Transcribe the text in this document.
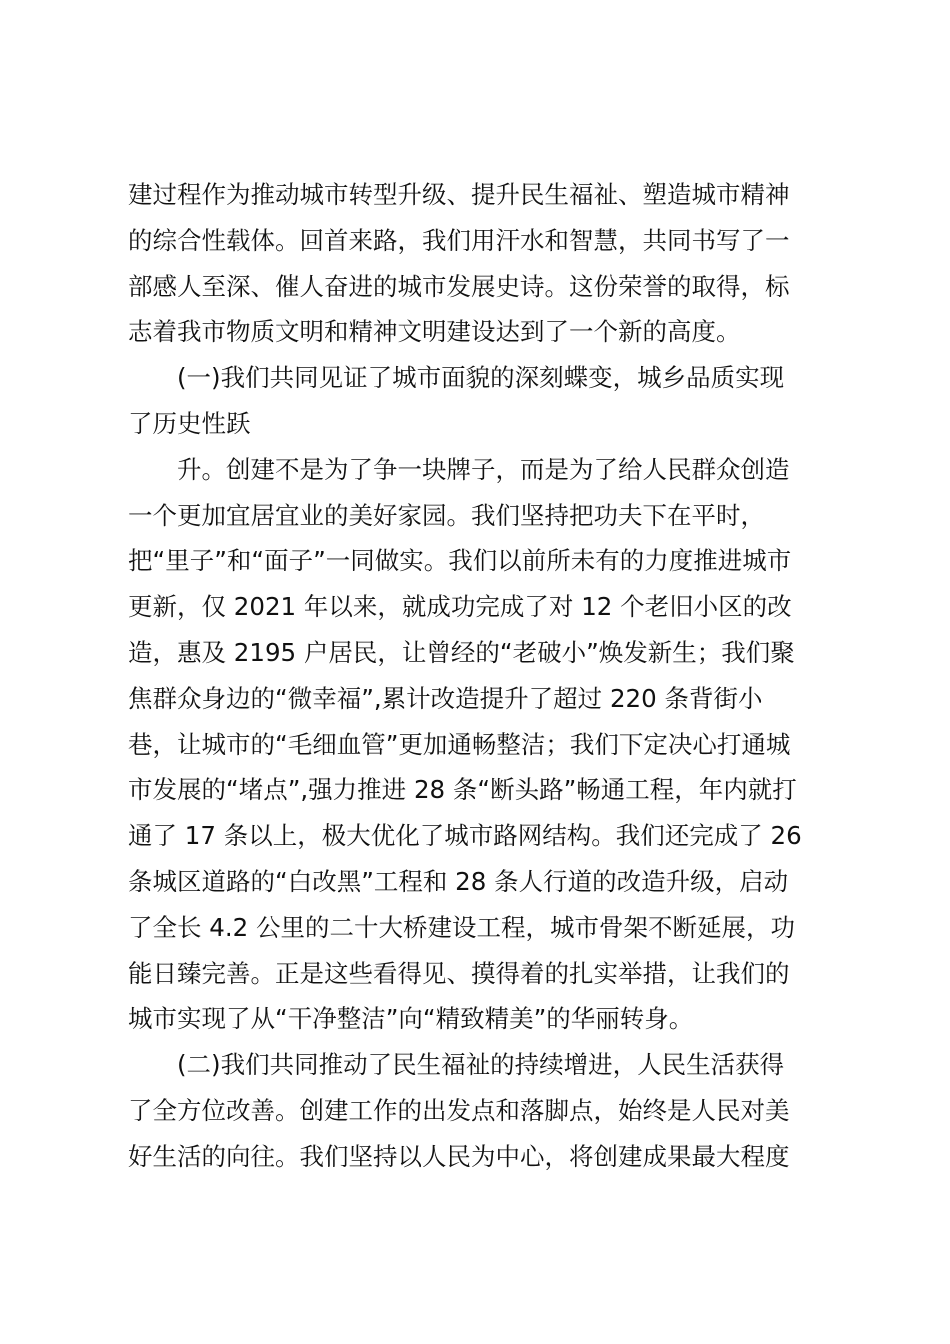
建过程作为推动城市转型升级、提升民生福祉、塑造城市精神
的综合性载体。回首来路，我们用汗水和智慧，共同书写了一
部感人至深、催人奋进的城市发展史诗。这份荣誉的取得，标
志着我市物质文明和精神文明建设达到了一个新的高度。
(一)我们共同见证了城市面貌的深刻蝶变，城乡品质实现
了历史性跃
升。创建不是为了争一块牌子，而是为了给人民群众创造
一个更加宜居宜业的美好家园。我们坚持把功夫下在平时，
把“里子”和“面子”一同做实。我们以前所未有的力度推进城市
更新，仅 2021 年以来，就成功完成了对 12 个老旧小区的改
造，惠及 2195 户居民，让曾经的“老破小”焕发新生；我们聚
焦群众身边的“微幸福”,累计改造提升了超过 220 条背街小
巷，让城市的“毛细血管”更加通畅整洁；我们下定决心打通城
市发展的“堵点”,强力推进 28 条“断头路”畅通工程，年内就打
通了 17 条以上，极大优化了城市路网结构。我们还完成了 26
条城区道路的“白改黑”工程和 28 条人行道的改造升级，启动
了全长 4.2 公里的二十大桥建设工程，城市骨架不断延展，功
能日臻完善。正是这些看得见、摸得着的扎实举措，让我们的
城市实现了从“干净整洁”向“精致精美”的华丽转身。
(二)我们共同推动了民生福祉的持续增进，人民生活获得
了全方位改善。创建工作的出发点和落脚点，始终是人民对美
好生活的向往。我们坚持以人民为中心，将创建成果最大程度
